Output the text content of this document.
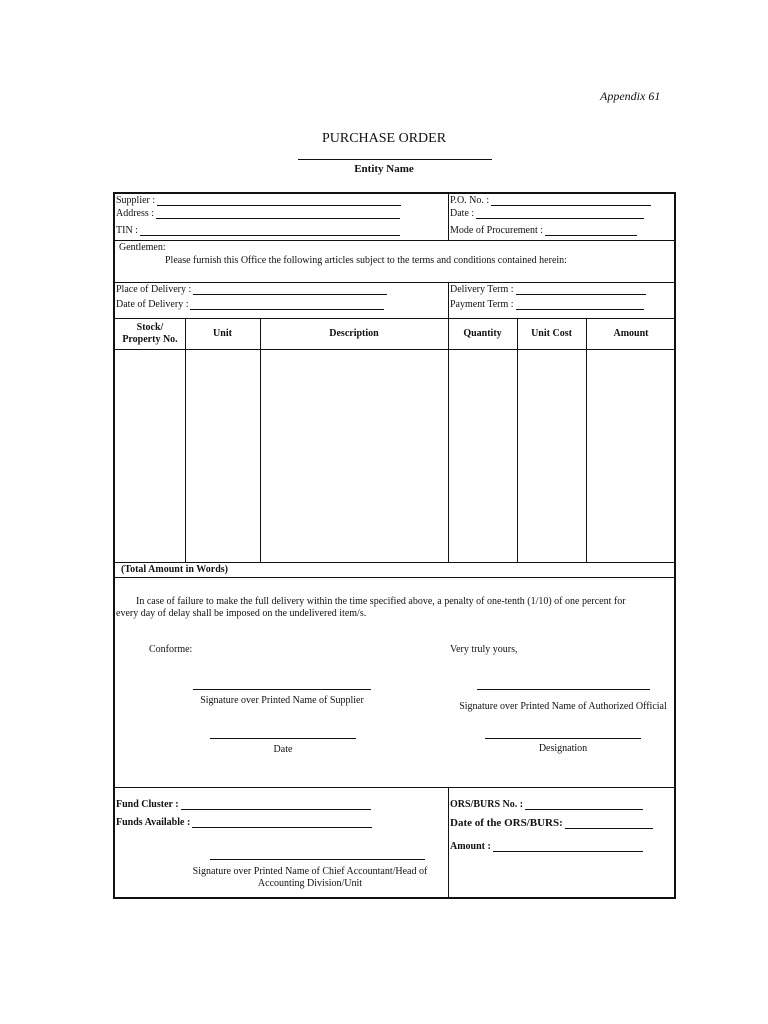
Appendix 61
PURCHASE ORDER
Entity Name
Supplier :
Address :
TIN :
P.O. No. :
Date :
Mode of Procurement :
Gentlemen:
Please furnish this Office the following articles subject to the terms and conditions contained herein:
Place of Delivery :
Date of Delivery :
Delivery Term :
Payment Term :
Stock/
Property No.
Unit	Description	Quantity	Unit Cost	Amount
(Total Amount in Words)
In case of failure to make the full delivery within the time specified above, a penalty of one-tenth (1/10) of one percent for
every day of delay shall be imposed on the undelivered item/s.
Conforme:	Very truly yours,
Signature over Printed Name of Supplier
Signature over Printed Name of Authorized Official
Date	Designation
Fund Cluster :
Funds Available :
ORS/BURS No. :
Date of the ORS/BURS:
Amount :
Signature over Printed Name of Chief Accountant/Head of
Accounting Division/Unit
